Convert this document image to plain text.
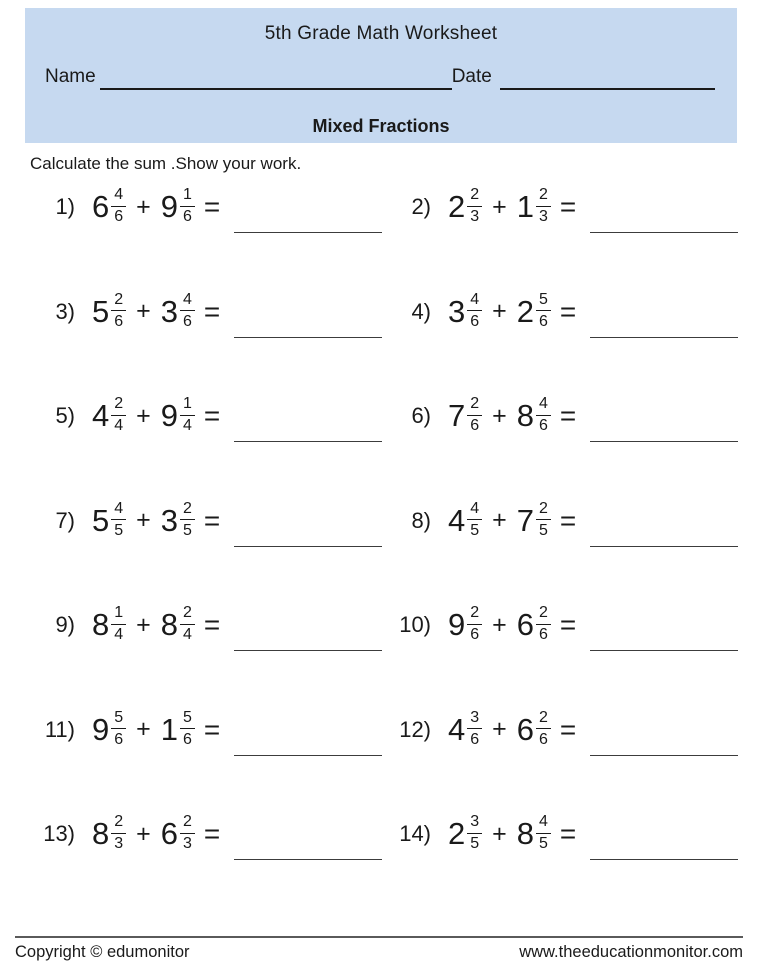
5th Grade Math Worksheet
Name	Date
Mixed Fractions
Calculate the sum .Show your work.
1) $6 \frac{4}{6} + 9 \frac{1}{6}$ =	2) $2 \frac{2}{3} + 1 \frac{2}{3}$ =
3) $5 \frac{2}{6} + 3 \frac{4}{6}$ =	4) $3 \frac{4}{6} + 2 \frac{5}{6}$ =
5) $4 \frac{2}{4} + 9 \frac{1}{4}$ =	6) $7 \frac{2}{6} + 8 \frac{4}{6}$ =
7) $5 \frac{4}{5} + 3 \frac{2}{5}$ =	8) $4 \frac{4}{5} + 7 \frac{2}{5}$ =
9) $8 \frac{1}{4} + 8 \frac{2}{4}$ =	10) $9 \frac{2}{6} + 6 \frac{2}{6}$ =
11) $9 \frac{5}{6} + 1 \frac{5}{6}$ =	12) $4 \frac{3}{6} + 6 \frac{2}{6}$ =
13) $8 \frac{2}{3} + 6 \frac{2}{3}$ =	14) $2 \frac{3}{5} + 8 \frac{4}{5}$ =
Copyright © edumonitor	www.theeducationmonitor.com
